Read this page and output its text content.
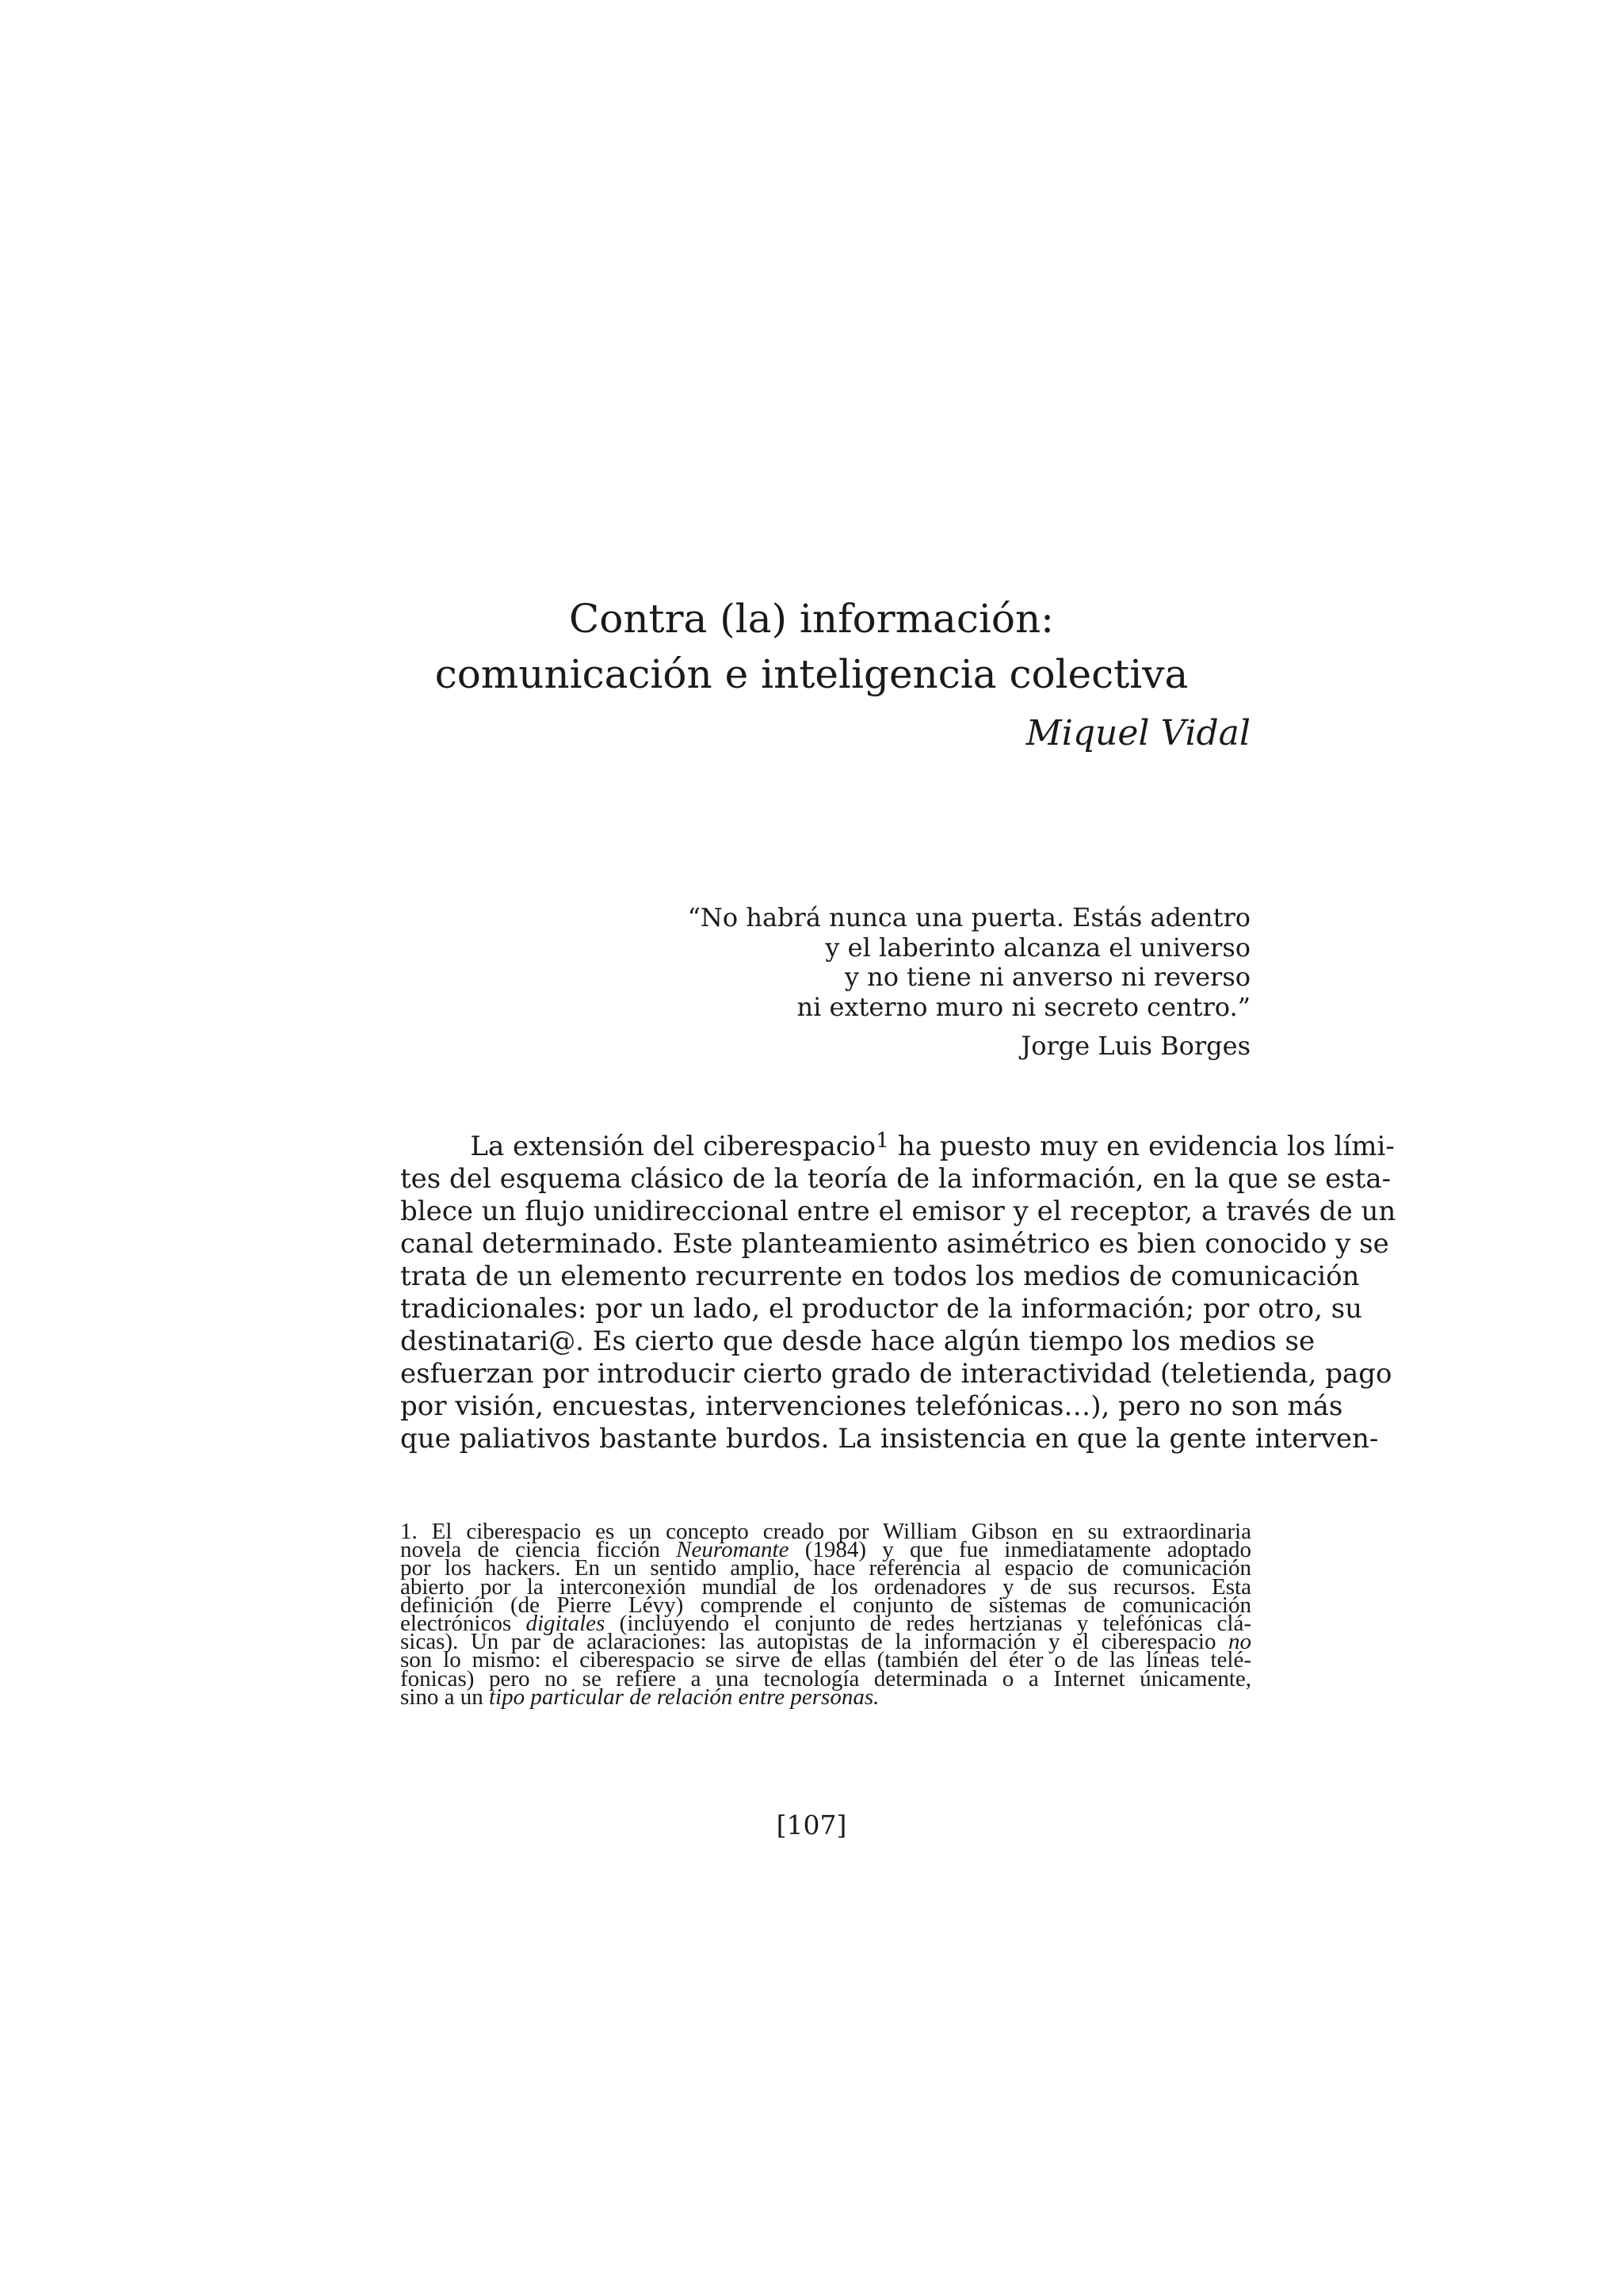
Contra (la) información:
comunicación e inteligencia colectiva
Miquel Vidal
“No habrá nunca una puerta. Estás adentro
y el laberinto alcanza el universo
y no tiene ni anverso ni reverso
ni externo muro ni secreto centro.”
Jorge Luis Borges
La extensión del ciberespacio$^1$ ha puesto muy en evidencia los lími-
tes del esquema clásico de la teoría de la información, en la que se esta-
blece un flujo unidireccional entre el emisor y el receptor, a través de un
canal determinado. Este planteamiento asimétrico es bien conocido y se
trata de un elemento recurrente en todos los medios de comunicación
tradicionales: por un lado, el productor de la información; por otro, su
destinatari@. Es cierto que desde hace algún tiempo los medios se
esfuerzan por introducir cierto grado de interactividad (teletienda, pago
por visión, encuestas, intervenciones telefónicas…), pero no son más
que paliativos bastante burdos. La insistencia en que la gente interven-
1. El ciberespacio es un concepto creado por William Gibson en su extraordinaria
novela de ciencia ficción Neuromante (1984) y que fue inmediatamente adoptado
por los hackers. En un sentido amplio, hace referencia al espacio de comunicación
abierto por la interconexión mundial de los ordenadores y de sus recursos. Esta
definición (de Pierre Lévy) comprende el conjunto de sistemas de comunicación
electrónicos digitales (incluyendo el conjunto de redes hertzianas y telefónicas clá-
sicas). Un par de aclaraciones: las autopistas de la información y el ciberespacio no
son lo mismo: el ciberespacio se sirve de ellas (también del éter o de las líneas telé-
fonicas) pero no se refiere a una tecnología determinada o a Internet únicamente,
sino a un tipo particular de relación entre personas.
[107]
